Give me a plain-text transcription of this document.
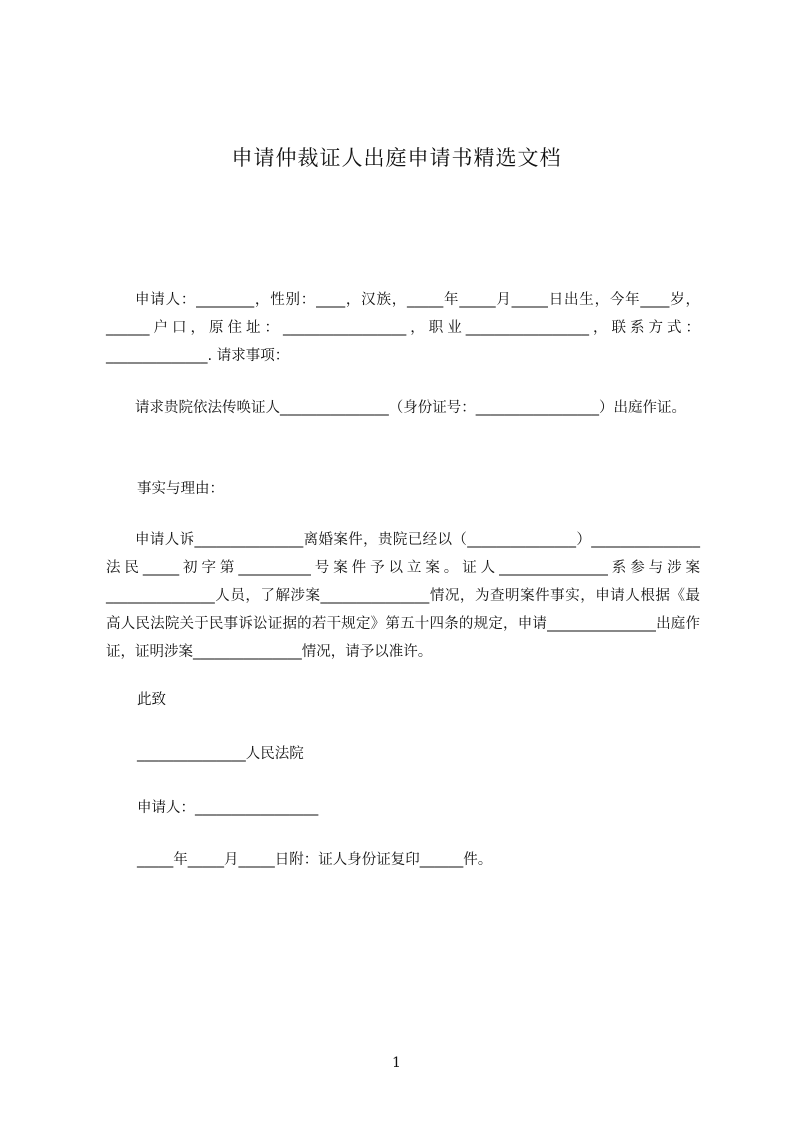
申请仲裁证人出庭申请书精选文档

申请人：________，性别：____，汉族，_____年_____月_____日出生，今年____岁，______户口，原住址：_________________，职业_________________，联系方式：______________. 请求事项：

请求贵院依法传唤证人_______________（身份证号：_________________）出庭作证。

事实与理由：

申请人诉_______________离婚案件，贵院已经以（_______________）_______________法民_____初字第__________号案件予以立案。证人_______________系参与涉案_______________人员，了解涉案_______________情况，为查明案件事实，申请人根据《最高人民法院关于民事诉讼证据的若干规定》第五十四条的规定，申请_______________出庭作证，证明涉案_______________情况，请予以准许。

此致
_______________人民法院
申请人：_________________
_____年_____月_____日附：证人身份证复印______件。
1
